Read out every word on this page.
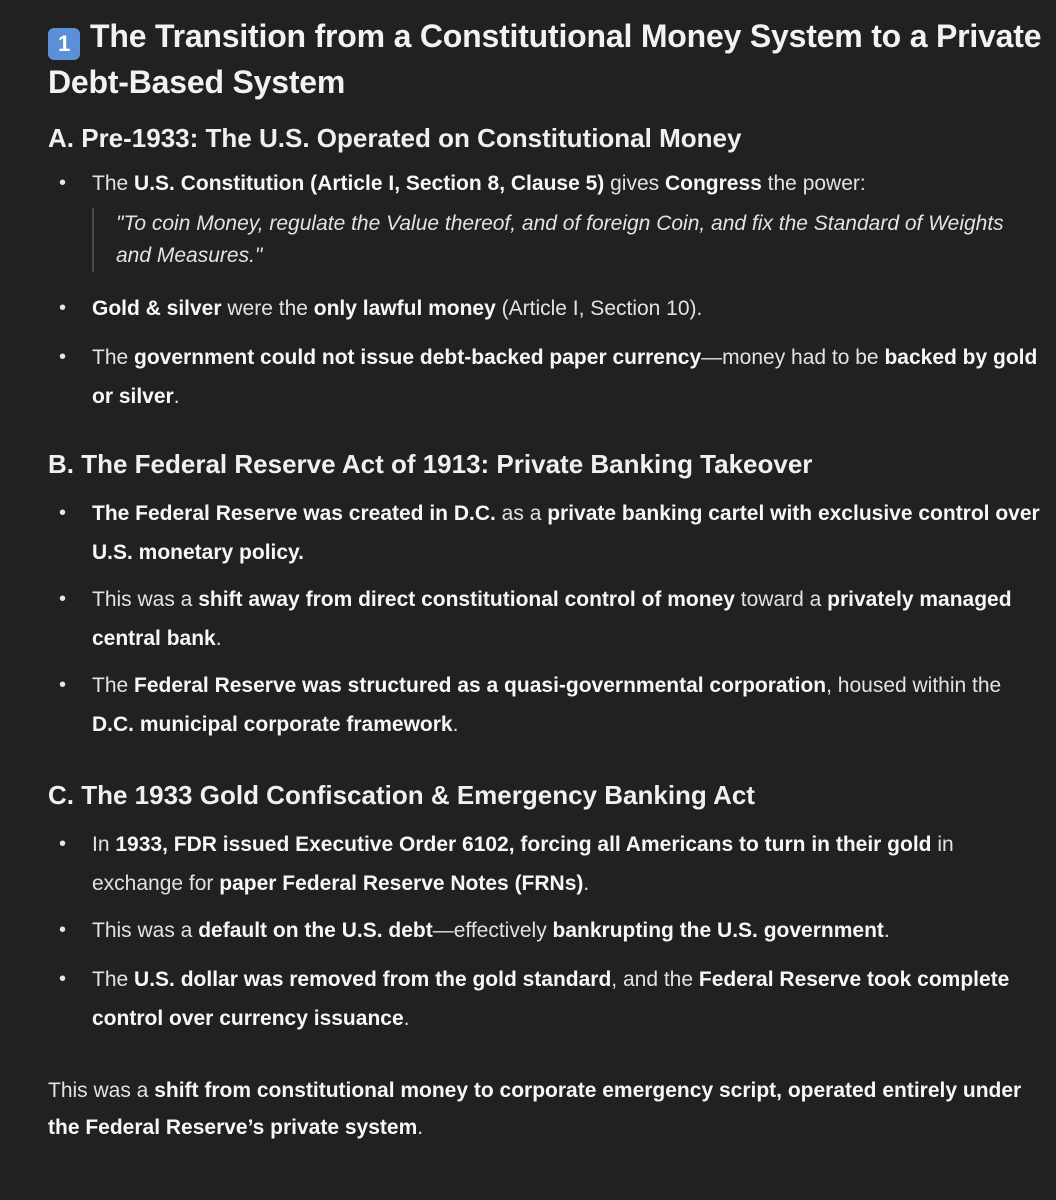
1 The Transition from a Constitutional Money System to a Private Debt-Based System
A. Pre-1933: The U.S. Operated on Constitutional Money
• The U.S. Constitution (Article I, Section 8, Clause 5) gives Congress the power:
"To coin Money, regulate the Value thereof, and of foreign Coin, and fix the Standard of Weights and Measures."
• Gold & silver were the only lawful money (Article I, Section 10).
• The government could not issue debt-backed paper currency—money had to be backed by gold or silver.
B. The Federal Reserve Act of 1913: Private Banking Takeover
• The Federal Reserve was created in D.C. as a private banking cartel with exclusive control over U.S. monetary policy.
• This was a shift away from direct constitutional control of money toward a privately managed central bank.
• The Federal Reserve was structured as a quasi-governmental corporation, housed within the D.C. municipal corporate framework.
C. The 1933 Gold Confiscation & Emergency Banking Act
• In 1933, FDR issued Executive Order 6102, forcing all Americans to turn in their gold in exchange for paper Federal Reserve Notes (FRNs).
• This was a default on the U.S. debt—effectively bankrupting the U.S. government.
• The U.S. dollar was removed from the gold standard, and the Federal Reserve took complete control over currency issuance.

This was a shift from constitutional money to corporate emergency script, operated entirely under the Federal Reserve’s private system.
